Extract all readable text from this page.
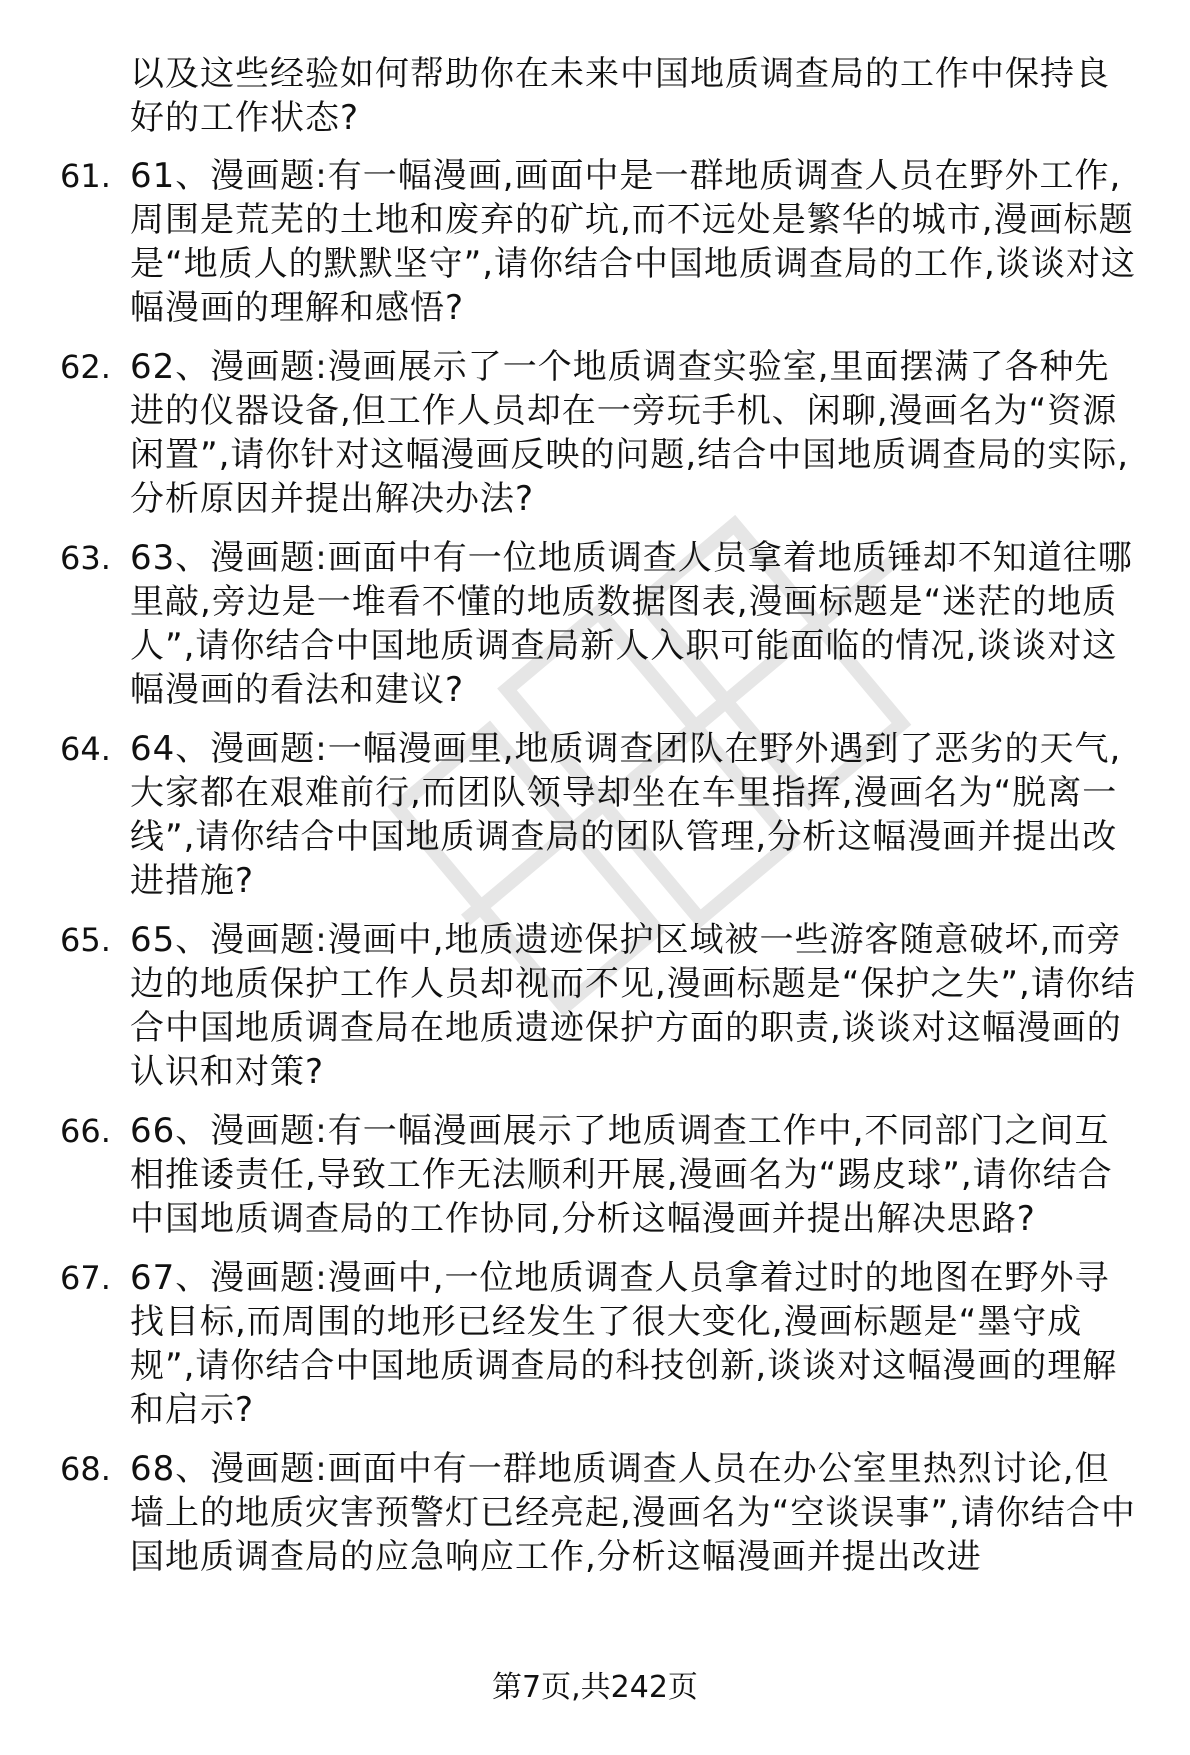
以及这些经验如何帮助你在未来中国地质调查局的工作中保持良好的工作状态?
61. 61、漫画题:有一幅漫画,画面中是一群地质调查人员在野外工作,周围是荒芜的土地和废弃的矿坑,而不远处是繁华的城市,漫画标题是“地质人的默默坚守”,请你结合中国地质调查局的工作,谈谈对这幅漫画的理解和感悟?
62. 62、漫画题:漫画展示了一个地质调查实验室,里面摆满了各种先进的仪器设备,但工作人员却在一旁玩手机、闲聊,漫画名为“资源闲置”,请你针对这幅漫画反映的问题,结合中国地质调查局的实际,分析原因并提出解决办法?
63. 63、漫画题:画面中有一位地质调查人员拿着地质锤却不知道往哪里敲,旁边是一堆看不懂的地质数据图表,漫画标题是“迷茫的地质人”,请你结合中国地质调查局新人入职可能面临的情况,谈谈对这幅漫画的看法和建议?
64. 64、漫画题:一幅漫画里,地质调查团队在野外遇到了恶劣的天气,大家都在艰难前行,而团队领导却坐在车里指挥,漫画名为“脱离一线”,请你结合中国地质调查局的团队管理,分析这幅漫画并提出改进措施?
65. 65、漫画题:漫画中,地质遗迹保护区域被一些游客随意破坏,而旁边的地质保护工作人员却视而不见,漫画标题是“保护之失”,请你结合中国地质调查局在地质遗迹保护方面的职责,谈谈对这幅漫画的认识和对策?
66. 66、漫画题:有一幅漫画展示了地质调查工作中,不同部门之间互相推诿责任,导致工作无法顺利开展,漫画名为“踢皮球”,请你结合中国地质调查局的工作协同,分析这幅漫画并提出解决思路?
67. 67、漫画题:漫画中,一位地质调查人员拿着过时的地图在野外寻找目标,而周围的地形已经发生了很大变化,漫画标题是“墨守成规”,请你结合中国地质调查局的科技创新,谈谈对这幅漫画的理解和启示?
68. 68、漫画题:画面中有一群地质调查人员在办公室里热烈讨论,但墙上的地质灾害预警灯已经亮起,漫画名为“空谈误事”,请你结合中国地质调查局的应急响应工作,分析这幅漫画并提出改进
第7页,共242页
